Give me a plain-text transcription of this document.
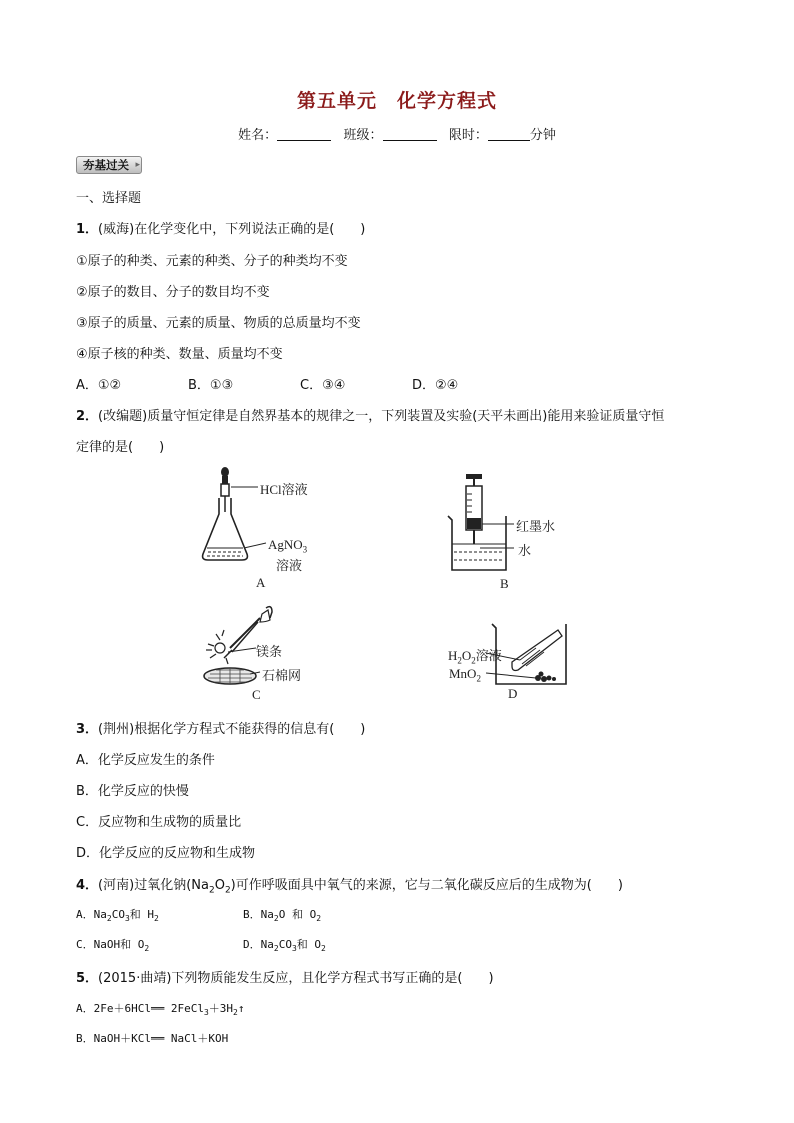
第五单元　化学方程式
姓名：	班级：	限时：	分钟
夯基过关 ▸
一、选择题
1．(威海)在化学变化中，下列说法正确的是(　　)
①原子的种类、元素的种类、分子的种类均不变
②原子的数目、分子的数目均不变
③原子的质量、元素的质量、物质的总质量均不变
④原子核的种类、数量、质量均不变
A．①②	B．①③	C．③④	D．②④
2．(改编题)质量守恒定律是自然界基本的规律之一，下列装置及实验(天平未画出)能用来验证质量守恒
定律的是(　　)
HCl溶液
AgNO$_3$
溶液
A
红墨水
水
B
镁条
石棉网
C
$H_2O_2$溶液
MnO$_2$
D
3．(荆州)根据化学方程式不能获得的信息有(　　)
A．化学反应发生的条件
B．化学反应的快慢
C．反应物和生成物的质量比
D．化学反应的反应物和生成物
4．(河南)过氧化钠$(Na_2O_2)$可作呼吸面具中氧气的来源，它与二氧化碳反应后的生成物为(　　)
A．$Na_2CO_3$和 $H_2$	B．$Na_2O$ 和 $O_2$
C．NaOH和 $O_2$	D．$Na_2CO_3$和 $O_2$
5．(2015·曲靖)下列物质能发生反应，且化学方程式书写正确的是(　　)
A．2Fe＋6HCl══ $2FeCl_3+3H_2↑$
B．NaOH＋KCl══ NaCl＋KOH
